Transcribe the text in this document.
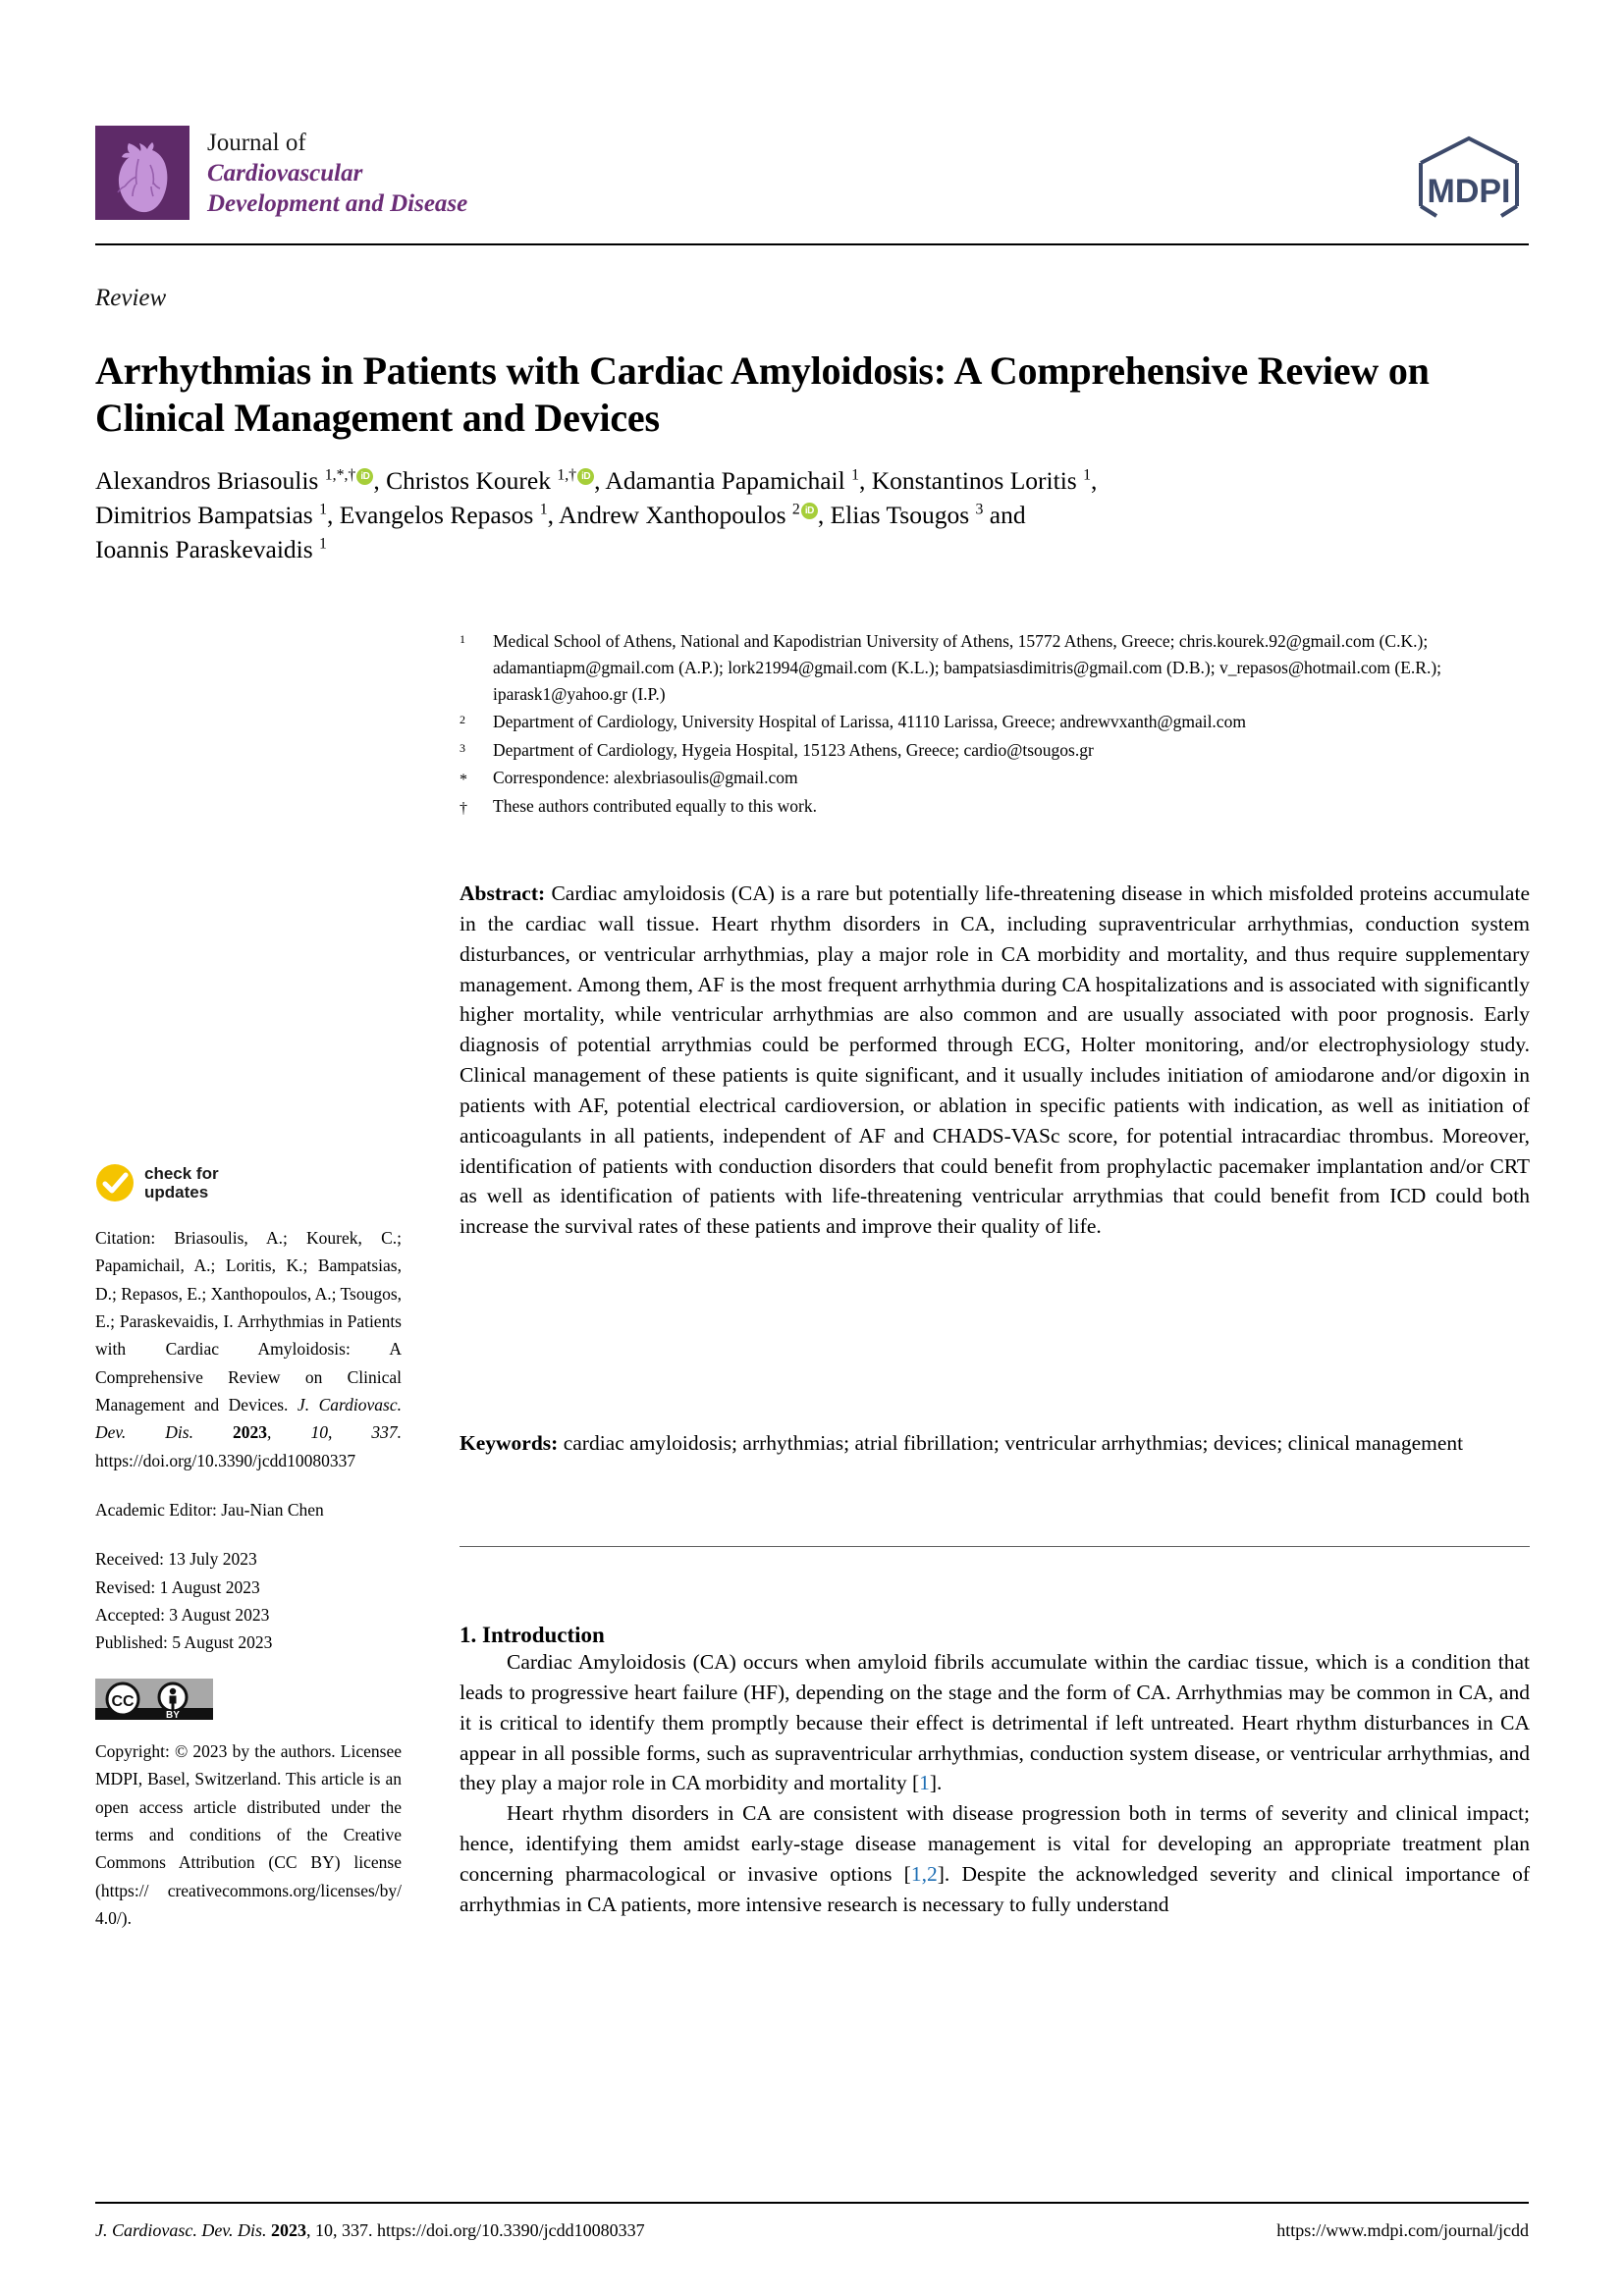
Journal of
Cardiovascular
Development and Disease	MDPI
Review
Arrhythmias in Patients with Cardiac Amyloidosis: A Comprehensive Review on Clinical Management and Devices
Alexandros Briasoulis $^{1,*,\dagger}$ iD , Christos Kourek $^{1,\dagger}$ iD , Adamantia Papamichail $^1$, Konstantinos Loritis $^1$,
Dimitrios Bampatsias $^1$, Evangelos Repasos $^1$, Andrew Xanthopoulos $^2$ iD , Elias Tsougos $^3$ and
Ioannis Paraskevaidis $^1$
1	Medical School of Athens, National and Kapodistrian University of Athens, 15772 Athens, Greece; chris.kourek.92@gmail.com (C.K.); adamantiapm@gmail.com (A.P.); lork21994@gmail.com (K.L.); bampatsiasdimitris@gmail.com (D.B.); v_repasos@hotmail.com (E.R.); iparask1@yahoo.gr (I.P.)
2	Department of Cardiology, University Hospital of Larissa, 41110 Larissa, Greece; andrewvxanth@gmail.com
3	Department of Cardiology, Hygeia Hospital, 15123 Athens, Greece; cardio@tsougos.gr
*	Correspondence: alexbriasoulis@gmail.com
†	These authors contributed equally to this work.
Abstract: Cardiac amyloidosis (CA) is a rare but potentially life-threatening disease in which misfolded proteins accumulate in the cardiac wall tissue. Heart rhythm disorders in CA, including supraventricular arrhythmias, conduction system disturbances, or ventricular arrhythmias, play a major role in CA morbidity and mortality, and thus require supplementary management. Among them, AF is the most frequent arrhythmia during CA hospitalizations and is associated with significantly higher mortality, while ventricular arrhythmias are also common and are usually associated with poor prognosis. Early diagnosis of potential arrythmias could be performed through ECG, Holter monitoring, and/or electrophysiology study. Clinical management of these patients is quite significant, and it usually includes initiation of amiodarone and/or digoxin in patients with AF, potential electrical cardioversion, or ablation in specific patients with indication, as well as initiation of anticoagulants in all patients, independent of AF and CHADS-VASc score, for potential intracardiac thrombus. Moreover, identification of patients with conduction disorders that could benefit from prophylactic pacemaker implantation and/or CRT as well as identification of patients with life-threatening ventricular arrythmias that could benefit from ICD could both increase the survival rates of these patients and improve their quality of life.
Keywords: cardiac amyloidosis; arrhythmias; atrial fibrillation; ventricular arrhythmias; devices; clinical management
1. Introduction

Cardiac Amyloidosis (CA) occurs when amyloid fibrils accumulate within the cardiac tissue, which is a condition that leads to progressive heart failure (HF), depending on the stage and the form of CA. Arrhythmias may be common in CA, and it is critical to identify them promptly because their effect is detrimental if left untreated. Heart rhythm disturbances in CA appear in all possible forms, such as supraventricular arrhythmias, conduction system disease, or ventricular arrhythmias, and they play a major role in CA morbidity and mortality [1].

Heart rhythm disorders in CA are consistent with disease progression both in terms of severity and clinical impact; hence, identifying them amidst early-stage disease management is vital for developing an appropriate treatment plan concerning pharmacological or invasive options [1,2]. Despite the acknowledged severity and clinical importance of arrhythmias in CA patients, more intensive research is necessary to fully understand

check for
updates
Citation: Briasoulis, A.; Kourek, C.; Papamichail, A.; Loritis, K.; Bampatsias, D.; Repasos, E.; Xanthopoulos, A.; Tsougos, E.; Paraskevaidis, I. Arrhythmias in Patients with Cardiac Amyloidosis: A Comprehensive Review on Clinical Management and Devices. J. Cardiovasc. Dev. Dis. 2023, 10, 337. https://doi.org/10.3390/jcdd10080337
Academic Editor: Jau-Nian Chen
Received: 13 July 2023
Revised: 1 August 2023
Accepted: 3 August 2023
Published: 5 August 2023
CC
BY
Copyright: © 2023 by the authors. Licensee MDPI, Basel, Switzerland. This article is an open access article distributed under the terms and conditions of the Creative Commons Attribution (CC BY) license (https:// creativecommons.org/licenses/by/ 4.0/).
J. Cardiovasc. Dev. Dis. 2023, 10, 337. https://doi.org/10.3390/jcdd10080337	https://www.mdpi.com/journal/jcdd
